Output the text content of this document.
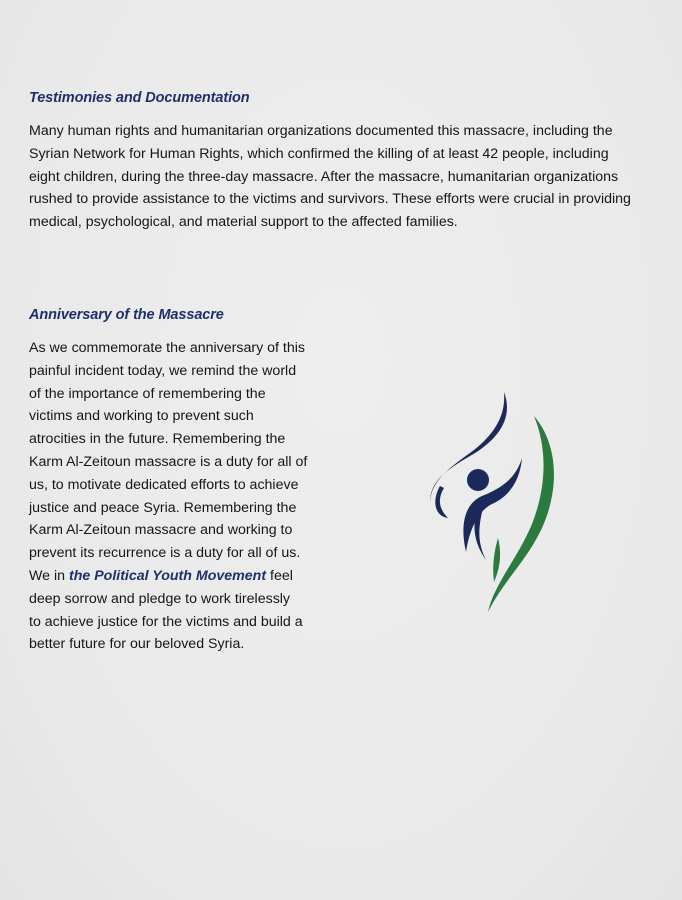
Testimonies and Documentation

Many human rights and humanitarian organizations documented this massacre, including the
Syrian Network for Human Rights, which confirmed the killing of at least 42 people, including
eight children, during the three-day massacre. After the massacre, humanitarian organizations
rushed to provide assistance to the victims and survivors. These efforts were crucial in providing
medical, psychological, and material support to the affected families.

Anniversary of the Massacre

As we commemorate the anniversary of this
painful incident today, we remind the world
of the importance of remembering the
victims and working to prevent such
atrocities in the future. Remembering the
Karm Al-Zeitoun massacre is a duty for all of
us, to motivate dedicated efforts to achieve
justice and peace Syria. Remembering the
Karm Al-Zeitoun massacre and working to
prevent its recurrence is a duty for all of us.
We in the Political Youth Movement feel
deep sorrow and pledge to work tirelessly
to achieve justice for the victims and build a
better future for our beloved Syria.
